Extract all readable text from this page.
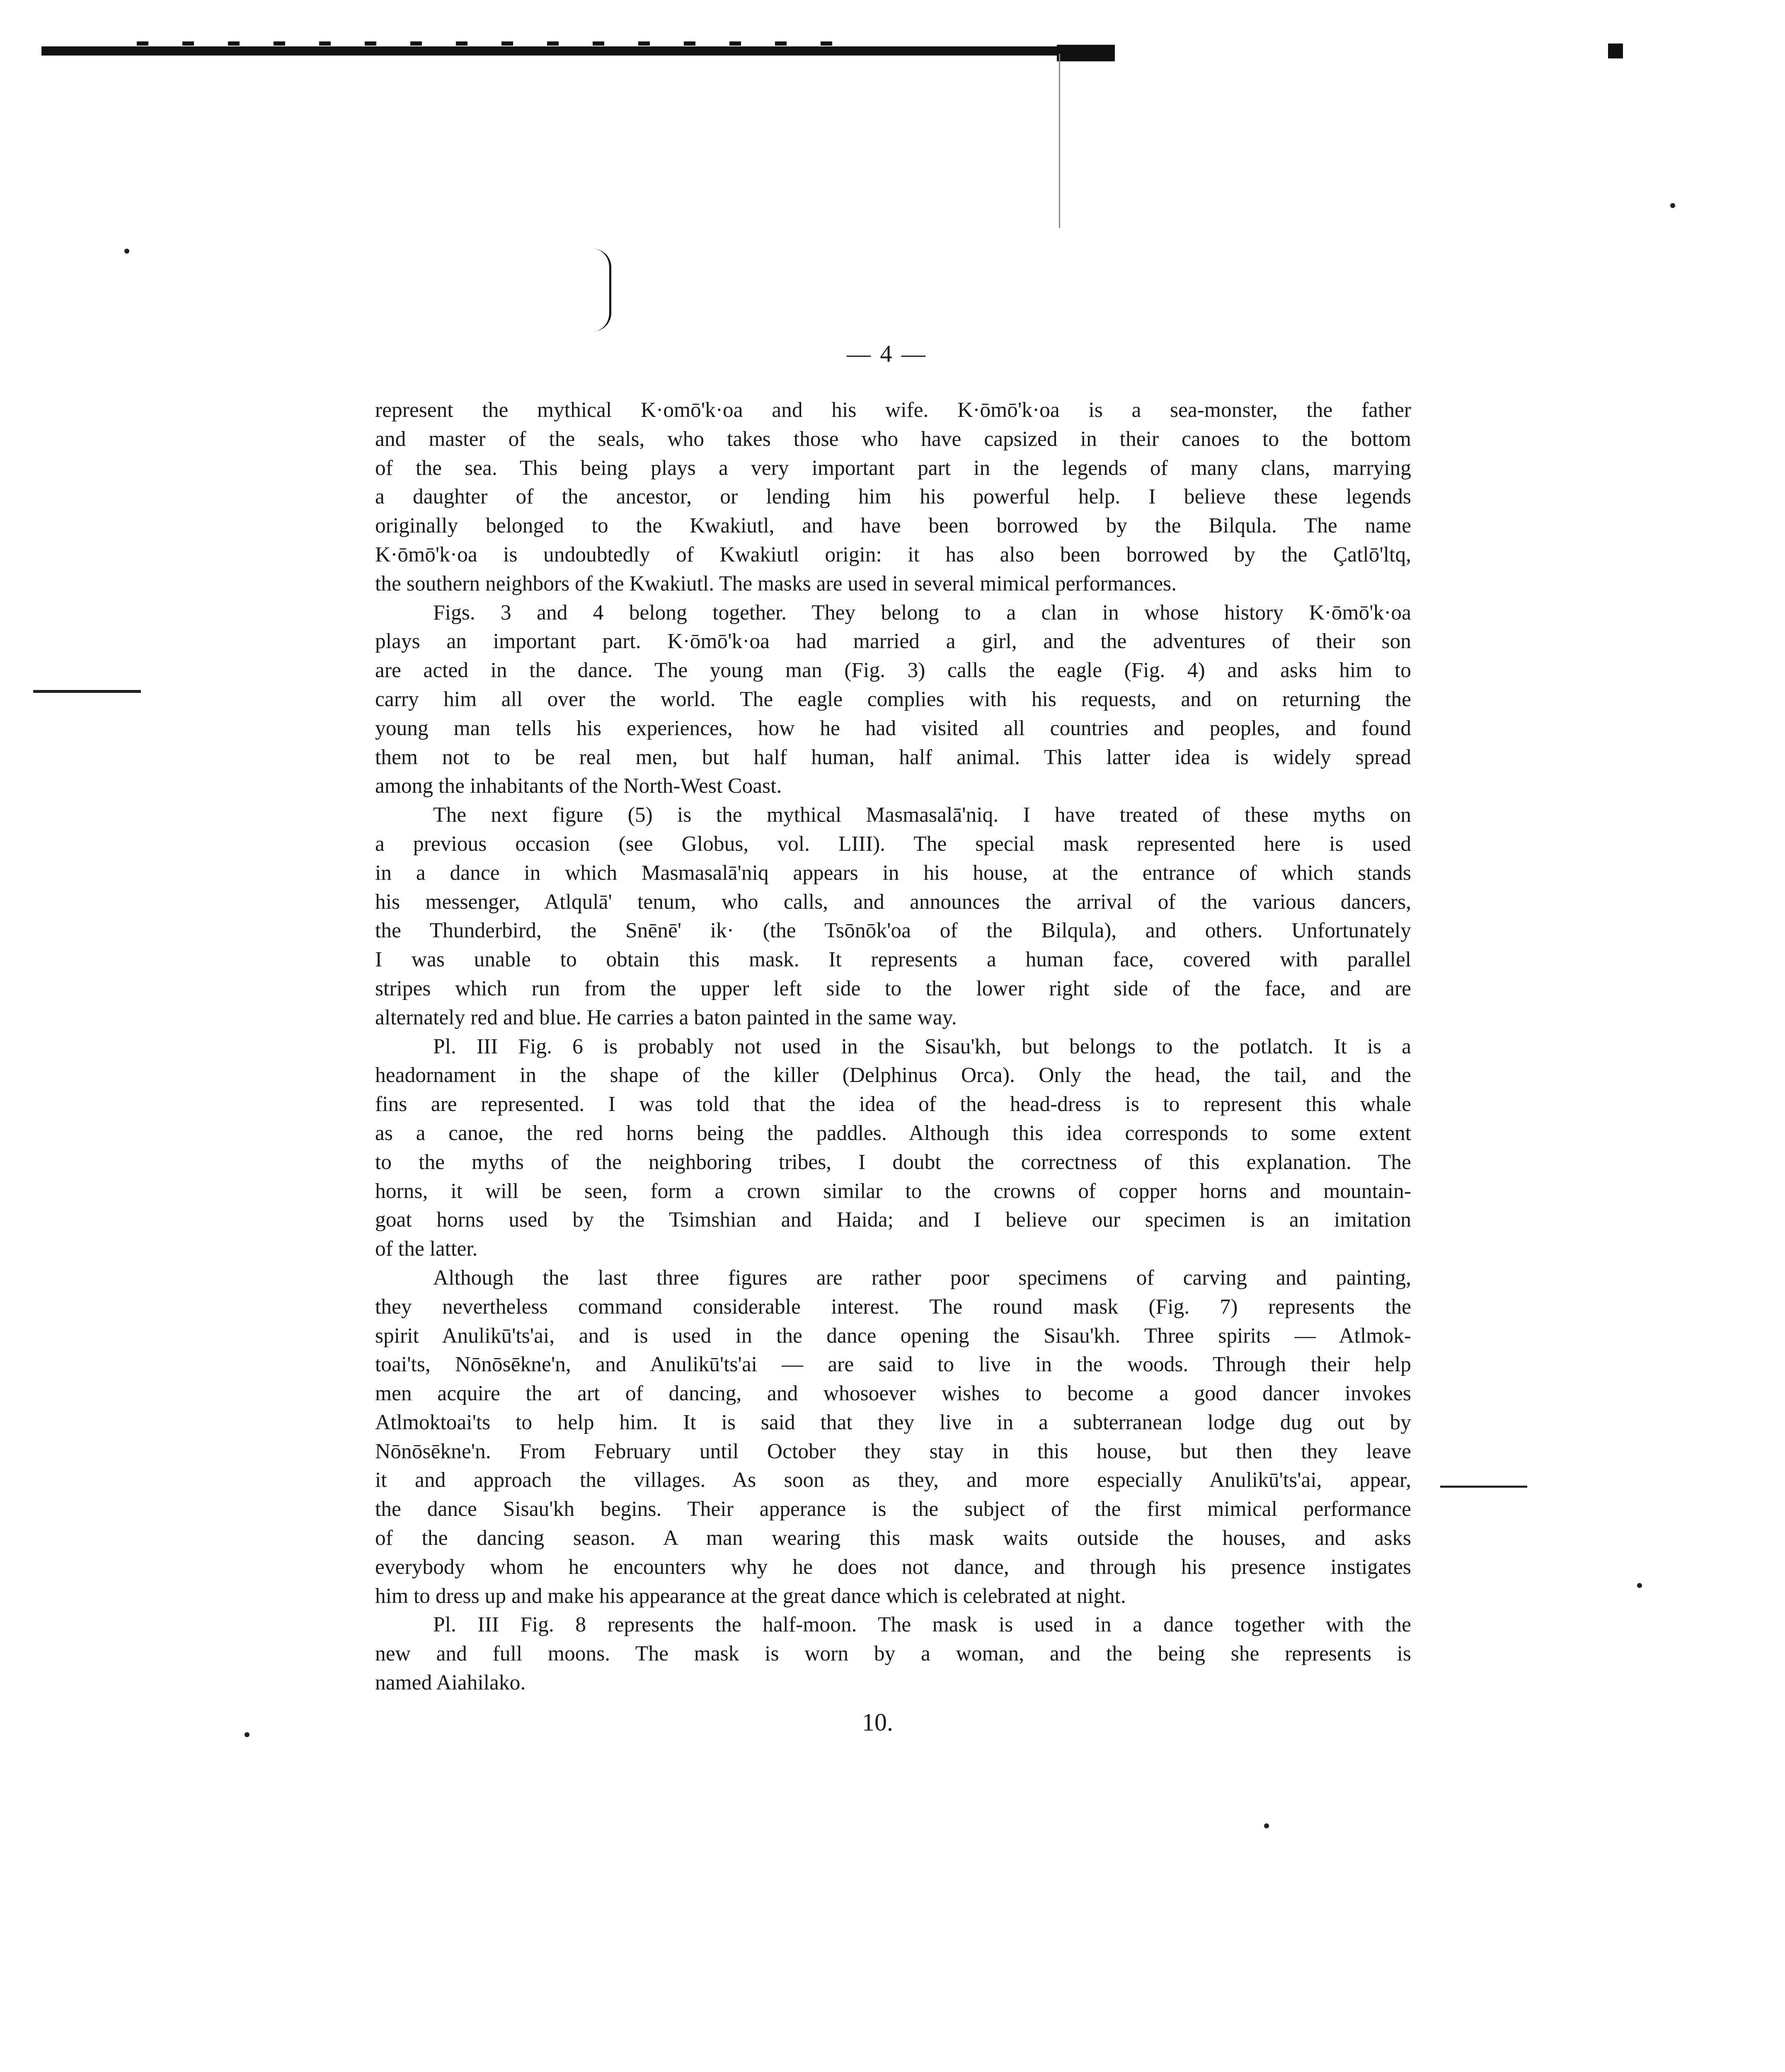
— 4 —
represent the mythical K·omō'k·oa and his wife. K·ōmō'k·oa is a sea-monster, the father
and master of the seals, who takes those who have capsized in their canoes to the bottom
of the sea. This being plays a very important part in the legends of many clans, marrying
a daughter of the ancestor, or lending him his powerful help. I believe these legends
originally belonged to the Kwakiutl, and have been borrowed by the Bilqula. The name
K·ōmō'k·oa is undoubtedly of Kwakiutl origin: it has also been borrowed by the Çatlō'ltq,
the southern neighbors of the Kwakiutl. The masks are used in several mimical performances.
Figs. 3 and 4 belong together. They belong to a clan in whose history K·ōmō'k·oa
plays an important part. K·ōmō'k·oa had married a girl, and the adventures of their son
are acted in the dance. The young man (Fig. 3) calls the eagle (Fig. 4) and asks him to
carry him all over the world. The eagle complies with his requests, and on returning the
young man tells his experiences, how he had visited all countries and peoples, and found
them not to be real men, but half human, half animal. This latter idea is widely spread
among the inhabitants of the North-West Coast.
The next figure (5) is the mythical Masmasalā'niq. I have treated of these myths on
a previous occasion (see Globus, vol. LIII). The special mask represented here is used
in a dance in which Masmasalā'niq appears in his house, at the entrance of which stands
his messenger, Atlqulā' tenum, who calls, and announces the arrival of the various dancers,
the Thunderbird, the Snēnē' ik· (the Tsōnōk'oa of the Bilqula), and others. Unfortunately
I was unable to obtain this mask. It represents a human face, covered with parallel
stripes which run from the upper left side to the lower right side of the face, and are
alternately red and blue. He carries a baton painted in the same way.
Pl. III Fig. 6 is probably not used in the Sisau'kh, but belongs to the potlatch. It is a
headornament in the shape of the killer (Delphinus Orca). Only the head, the tail, and the
fins are represented. I was told that the idea of the head-dress is to represent this whale
as a canoe, the red horns being the paddles. Although this idea corresponds to some extent
to the myths of the neighboring tribes, I doubt the correctness of this explanation. The
horns, it will be seen, form a crown similar to the crowns of copper horns and mountain-
goat horns used by the Tsimshian and Haida; and I believe our specimen is an imitation
of the latter.
Although the last three figures are rather poor specimens of carving and painting,
they nevertheless command considerable interest. The round mask (Fig. 7) represents the
spirit Anulikū'ts'ai, and is used in the dance opening the Sisau'kh. Three spirits — Atlmok-
toai'ts, Nōnōsēkne'n, and Anulikū'ts'ai — are said to live in the woods. Through their help
men acquire the art of dancing, and whosoever wishes to become a good dancer invokes
Atlmoktoai'ts to help him. It is said that they live in a subterranean lodge dug out by
Nōnōsēkne'n. From February until October they stay in this house, but then they leave
it and approach the villages. As soon as they, and more especially Anulikū'ts'ai, appear,
the dance Sisau'kh begins. Their apperance is the subject of the first mimical performance
of the dancing season. A man wearing this mask waits outside the houses, and asks
everybody whom he encounters why he does not dance, and through his presence instigates
him to dress up and make his appearance at the great dance which is celebrated at night.
Pl. III Fig. 8 represents the half-moon. The mask is used in a dance together with the
new and full moons. The mask is worn by a woman, and the being she represents is
named Aiahilako.
10.
